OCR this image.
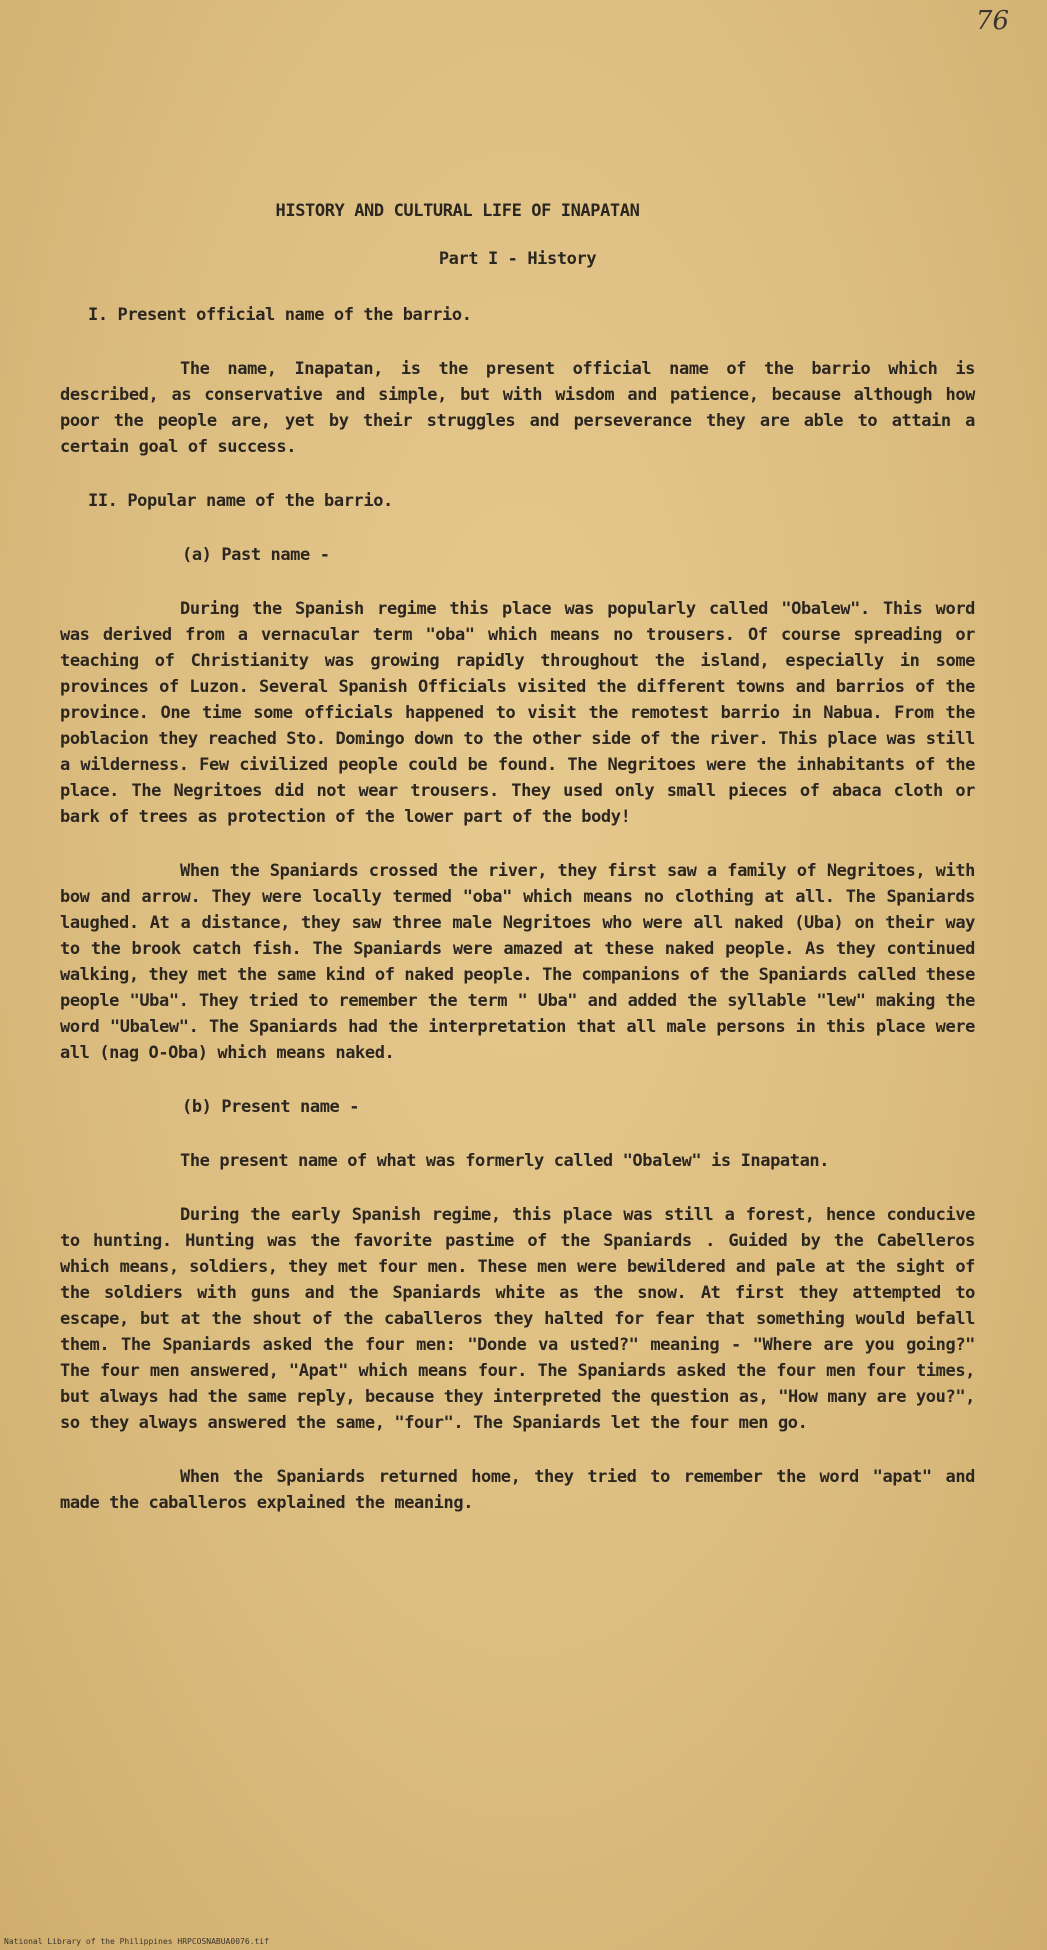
76
HISTORY AND CULTURAL LIFE OF INAPATAN
Part I - History
I. Present official name of the barrio.

The name, Inapatan, is the present official name of the barrio which is described, as conservative and simple, but with wisdom and patience, because although how poor the people are, yet by their struggles and perseverance they are able to attain a certain goal of success.

II. Popular name of the barrio.
(a) Past name -

During the Spanish regime this place was popularly called "Obalew". This word was derived from a vernacular term "oba" which means no trousers. Of course spreading or teaching of Christianity was growing rapidly throughout the island, especially in some provinces of Luzon. Several Spanish Officials visited the different towns and barrios of the province. One time some officials happened to visit the remotest barrio in Nabua. From the poblacion they reached Sto. Domingo down to the other side of the river. This place was still a wilderness. Few civilized people could be found. The Negritoes were the inhabitants of the place. The Negritoes did not wear trousers. They used only small pieces of abaca cloth or bark of trees as protection of the lower part of the body!

When the Spaniards crossed the river, they first saw a family of Negritoes, with bow and arrow. They were locally termed "oba" which means no clothing at all. The Spaniards laughed. At a distance, they saw three male Negritoes who were all naked (Uba) on their way to the brook catch fish. The Spaniards were amazed at these naked people. As they continued walking, they met the same kind of naked people. The companions of the Spaniards called these people "Uba". They tried to remember the term " Uba" and added the syllable "lew" making the word "Ubalew". The Spaniards had the interpretation that all male persons in this place were all (nag O-Oba) which means naked.

(b) Present name -

The present name of what was formerly called "Obalew" is Inapatan.

During the early Spanish regime, this place was still a forest, hence conducive to hunting. Hunting was the favorite pastime of the Spaniards . Guided by the Cabelleros which means, soldiers, they met four men. These men were bewildered and pale at the sight of the soldiers with guns and the Spaniards white as the snow. At first they attempted to escape, but at the shout of the caballeros they halted for fear that something would befall them. The Spaniards asked the four men: "Donde va usted?" meaning - "Where are you going?" The four men answered, "Apat" which means four. The Spaniards asked the four men four times, but always had the same reply, because they interpreted the question as, "How many are you?", so they always answered the same, "four". The Spaniards let the four men go.

When the Spaniards returned home, they tried to remember the word "apat" and made the caballeros explained the meaning.

National Library of the Philippines HRPCOSNABUA0076.tif
